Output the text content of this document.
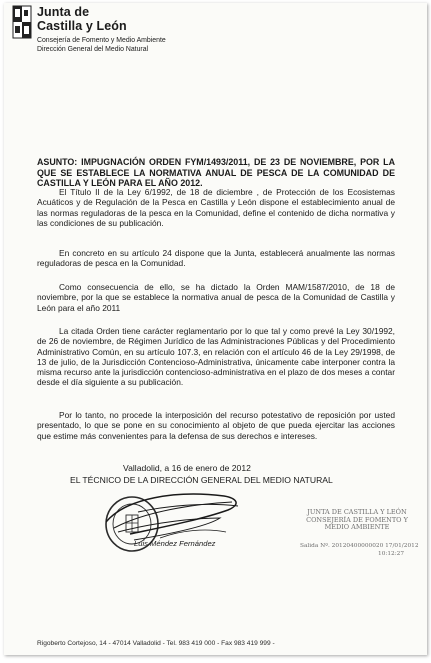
Junta de
Castilla y León
Consejería de Fomento y Medio Ambiente
Dirección General del Medio Natural
ASUNTO: IMPUGNACIÓN ORDEN FYM/1493/2011, DE 23 DE NOVIEMBRE, POR LA QUE SE ESTABLECE LA NORMATIVA ANUAL DE PESCA DE LA COMUNIDAD DE CASTILLA Y LEÓN PARA EL AÑO 2012.

El Título II de la Ley 6/1992, de 18 de diciembre , de Protección de los Ecosistemas Acuáticos y de Regulación de la Pesca en Castilla y León dispone el establecimiento anual de las normas reguladoras de la pesca en la Comunidad, define el contenido de dicha normativa y las condiciones de su publicación.

En concreto en su artículo 24 dispone que la Junta, establecerá anualmente las normas reguladoras de pesca en la Comunidad.

Como consecuencia de ello, se ha dictado la Orden MAM/1587/2010, de 18 de noviembre, por la que se establece la normativa anual de pesca de la Comunidad de Castilla y León para el año 2011

La citada Orden tiene carácter reglamentario por lo que tal y como prevé la Ley 30/1992, de 26 de noviembre, de Régimen Jurídico de las Administraciones Públicas y del Procedimiento Administrativo Común, en su artículo 107.3, en relación con el artículo 46 de la Ley 29/1998, de 13 de julio, de la Jurisdicción Contencioso-Administrativa, únicamente cabe interponer contra la misma recurso ante la jurisdicción contencioso-administrativa en el plazo de dos meses a contar desde el día siguiente a su publicación.

Por lo tanto, no procede la interposición del recurso potestativo de reposición por usted presentado, lo que se pone en su conocimiento al objeto de que pueda ejercitar las acciones que estime más convenientes para la defensa de sus derechos e intereses.

Valladolid, a 16 de enero de 2012
EL TÉCNICO DE LA DIRECCIÓN GENERAL DEL MEDIO NATURAL
Luis Méndez Fernández
JUNTA DE CASTILLA Y LEÓN
CONSEJERÍA DE FOMENTO Y
MEDIO AMBIENTE
Salida Nº. 20120400000020 17/01/2012
10:12:27
Rigoberto Cortejoso, 14 - 47014 Valladolid - Tel. 983 419 000 - Fax 983 419 999 -
